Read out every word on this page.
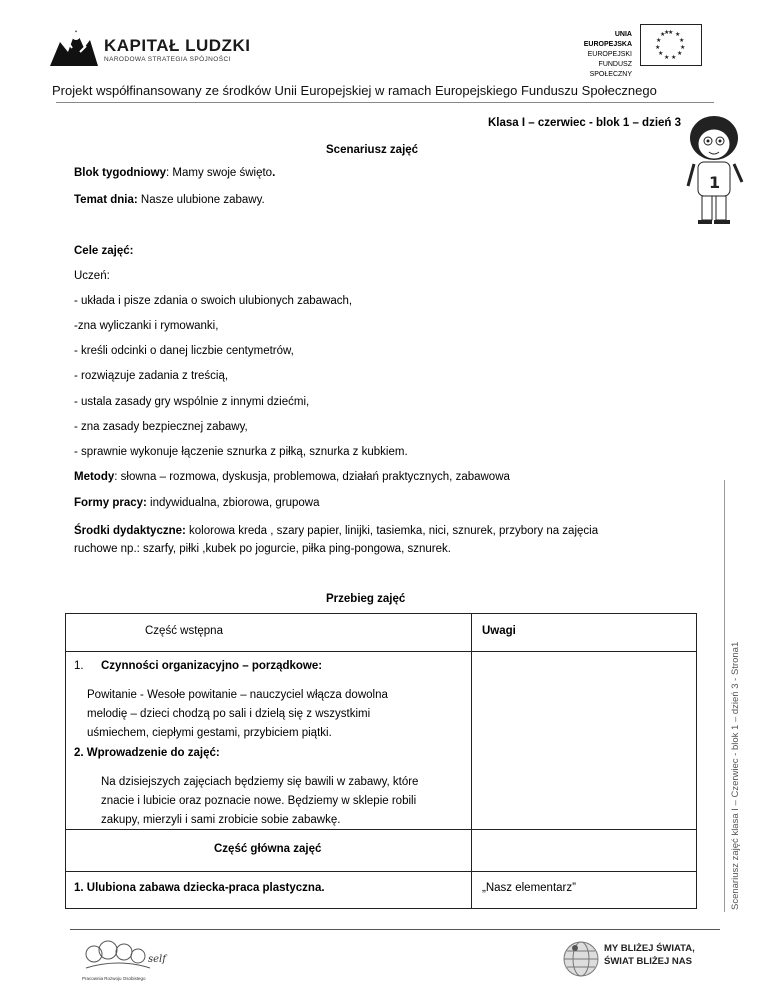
KAPITAŁ LUDZKI
NARODOWA STRATEGIA SPÓJNOŚCI
UNIA EUROPEJSKA
EUROPEJSKI
FUNDUSZ SPOŁECZNY
★ ★
★
★
★
★
★
★
★
★
★
★
Projekt współfinansowany ze środków Unii Europejskiej w ramach Europejskiego Funduszu Społecznego
Klasa I – czerwiec - blok 1 – dzień 3
1
Scenariusz zajęć
Blok tygodniowy: Mamy swoje święto.
Temat dnia: Nasze ulubione zabawy.
Cele zajęć:
Uczeń:
- układa i pisze zdania o swoich ulubionych zabawach,
-zna wyliczanki i rymowanki,
- kreśli odcinki o danej liczbie centymetrów,
- rozwiązuje zadania z treścią,
- ustala zasady gry wspólnie z innymi dziećmi,
- zna zasady bezpiecznej zabawy,
- sprawnie wykonuje łączenie sznurka z piłką, sznurka z kubkiem.
Metody: słowna – rozmowa, dyskusja, problemowa, działań praktycznych, zabawowa
Formy pracy: indywidualna, zbiorowa, grupowa
Środki dydaktyczne: kolorowa kreda , szary papier, linijki, tasiemka, nici, sznurek, przybory na zajęcia
ruchowe np.: szarfy, piłki ,kubek po jogurcie, piłka ping-pongowa, sznurek.
Przebieg zajęć
Część wstępna	Uwagi
1. Czynności organizacyjno – porządkowe:
Powitanie - Wesołe powitanie – nauczyciel włącza dowolna
melodię – dzieci chodzą po sali i dzielą się z wszystkimi
uśmiechem, ciepłymi gestami, przybiciem piątki.
2. Wprowadzenie do zajęć:
Na dzisiejszych zajęciach będziemy się bawili w zabawy, które
znacie i lubicie oraz poznacie nowe. Będziemy w sklepie robili
zakupy, mierzyli i sami zrobicie sobie zabawkę.
Część główna zajęć
1. Ulubiona zabawa dziecka-praca plastyczna.	„Nasz elementarz”	Scenariusz zajęć klasa I – Czerwiec - blok 1 – dzień 3 - Strona1
self
Pracownia Rozwoju Osobistego
MY BLIŻEJ ŚWIATA,
ŚWIAT BLIŻEJ NAS
